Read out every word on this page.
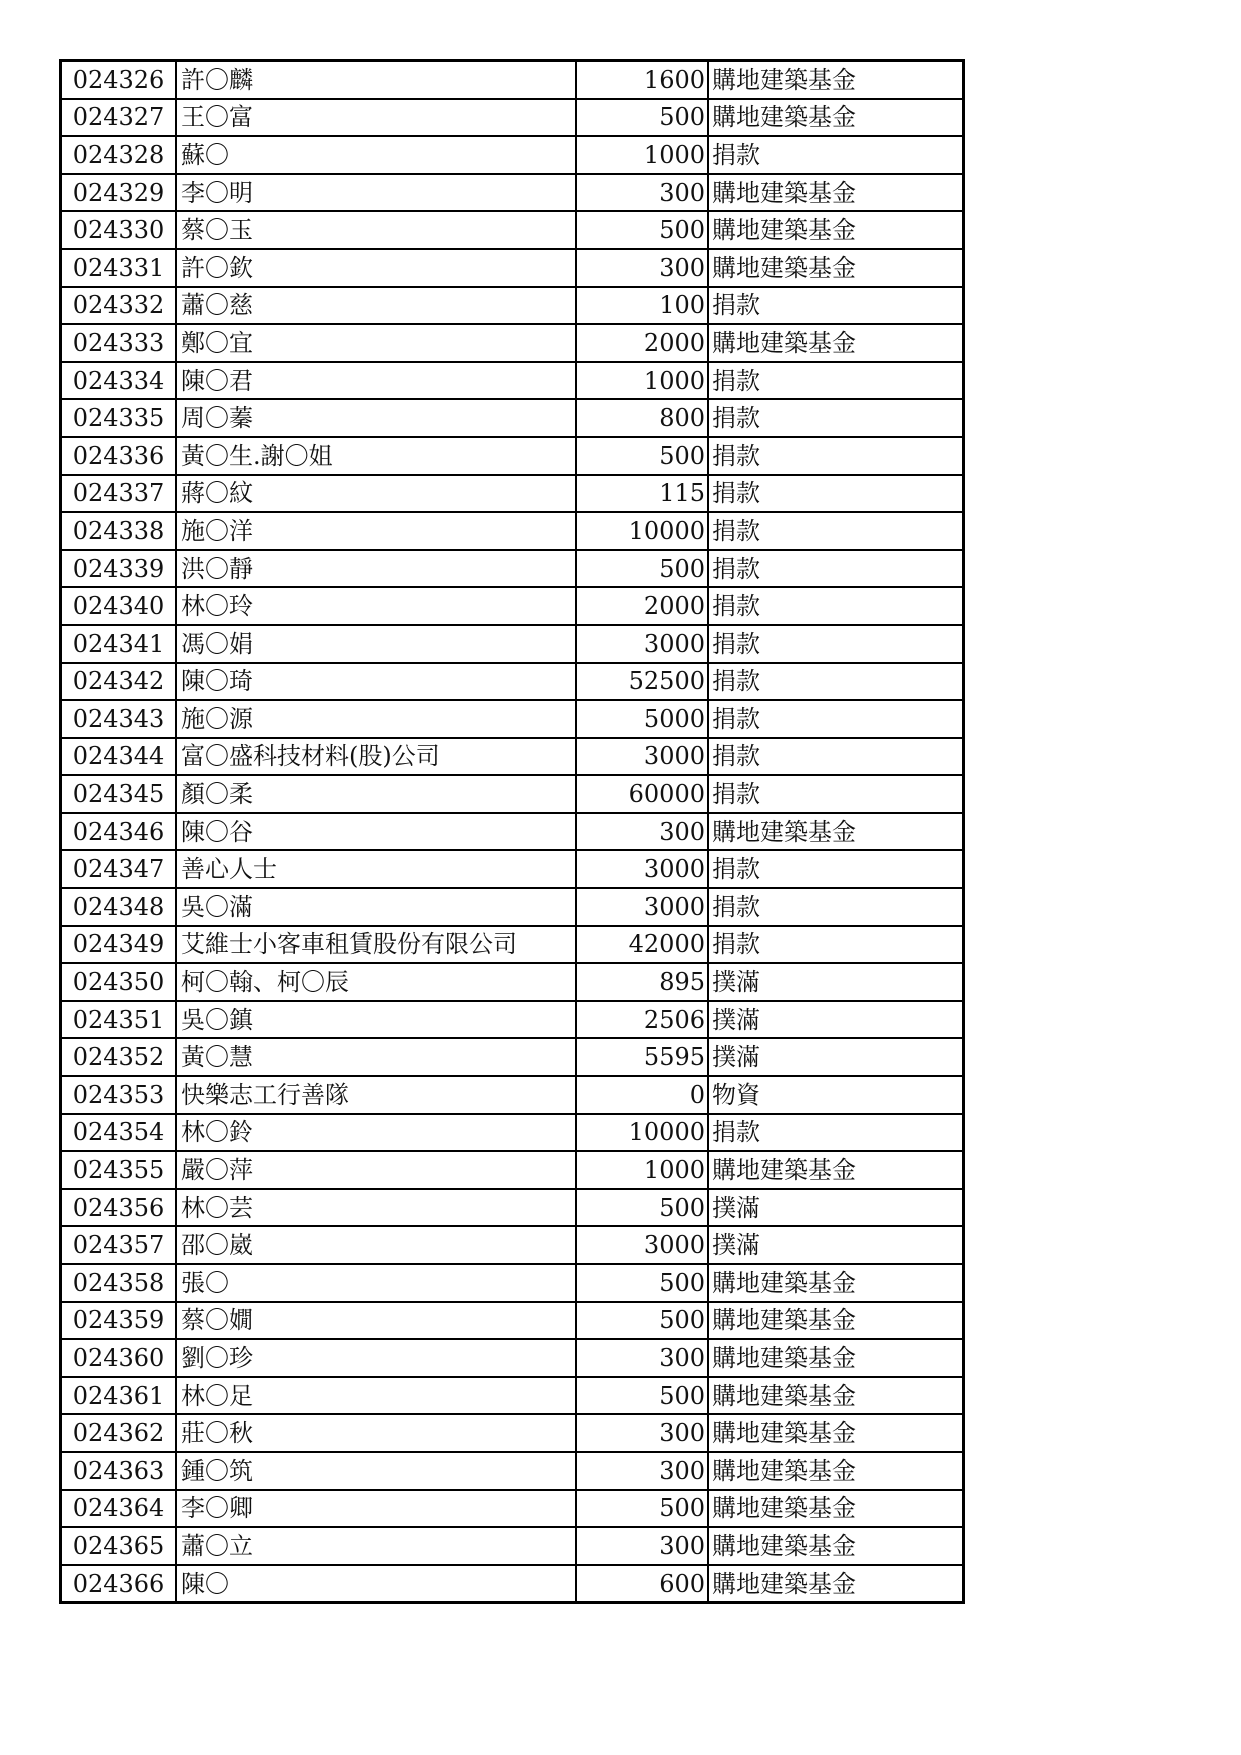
024326	許〇麟	1600	購地建築基金
024327	王〇富	500	購地建築基金
024328	蘇〇	1000	捐款
024329	李〇明	300	購地建築基金
024330	蔡〇玉	500	購地建築基金
024331	許〇欽	300	購地建築基金
024332	蕭〇慈	100	捐款
024333	鄭〇宜	2000	購地建築基金
024334	陳〇君	1000	捐款
024335	周〇蓁	800	捐款
024336	黃〇生.謝〇姐	500	捐款
024337	蔣〇紋	115	捐款
024338	施〇洋	10000	捐款
024339	洪〇靜	500	捐款
024340	林〇玲	2000	捐款
024341	馮〇娟	3000	捐款
024342	陳〇琦	52500	捐款
024343	施〇源	5000	捐款
024344	富〇盛科技材料(股)公司	3000	捐款
024345	顏〇柔	60000	捐款
024346	陳〇谷	300	購地建築基金
024347	善心人士	3000	捐款
024348	吳〇滿	3000	捐款
024349	艾維士小客車租賃股份有限公司	42000	捐款
024350	柯〇翰、柯〇辰	895	撲滿
024351	吳〇鎮	2506	撲滿
024352	黃〇慧	5595	撲滿
024353	快樂志工行善隊	0	物資
024354	林〇鈴	10000	捐款
024355	嚴〇萍	1000	購地建築基金
024356	林〇芸	500	撲滿
024357	邵〇崴	3000	撲滿
024358	張〇	500	購地建築基金
024359	蔡〇嫺	500	購地建築基金
024360	劉〇珍	300	購地建築基金
024361	林〇足	500	購地建築基金
024362	莊〇秋	300	購地建築基金
024363	鍾〇筑	300	購地建築基金
024364	李〇卿	500	購地建築基金
024365	蕭〇立	300	購地建築基金
024366	陳〇	600	購地建築基金
